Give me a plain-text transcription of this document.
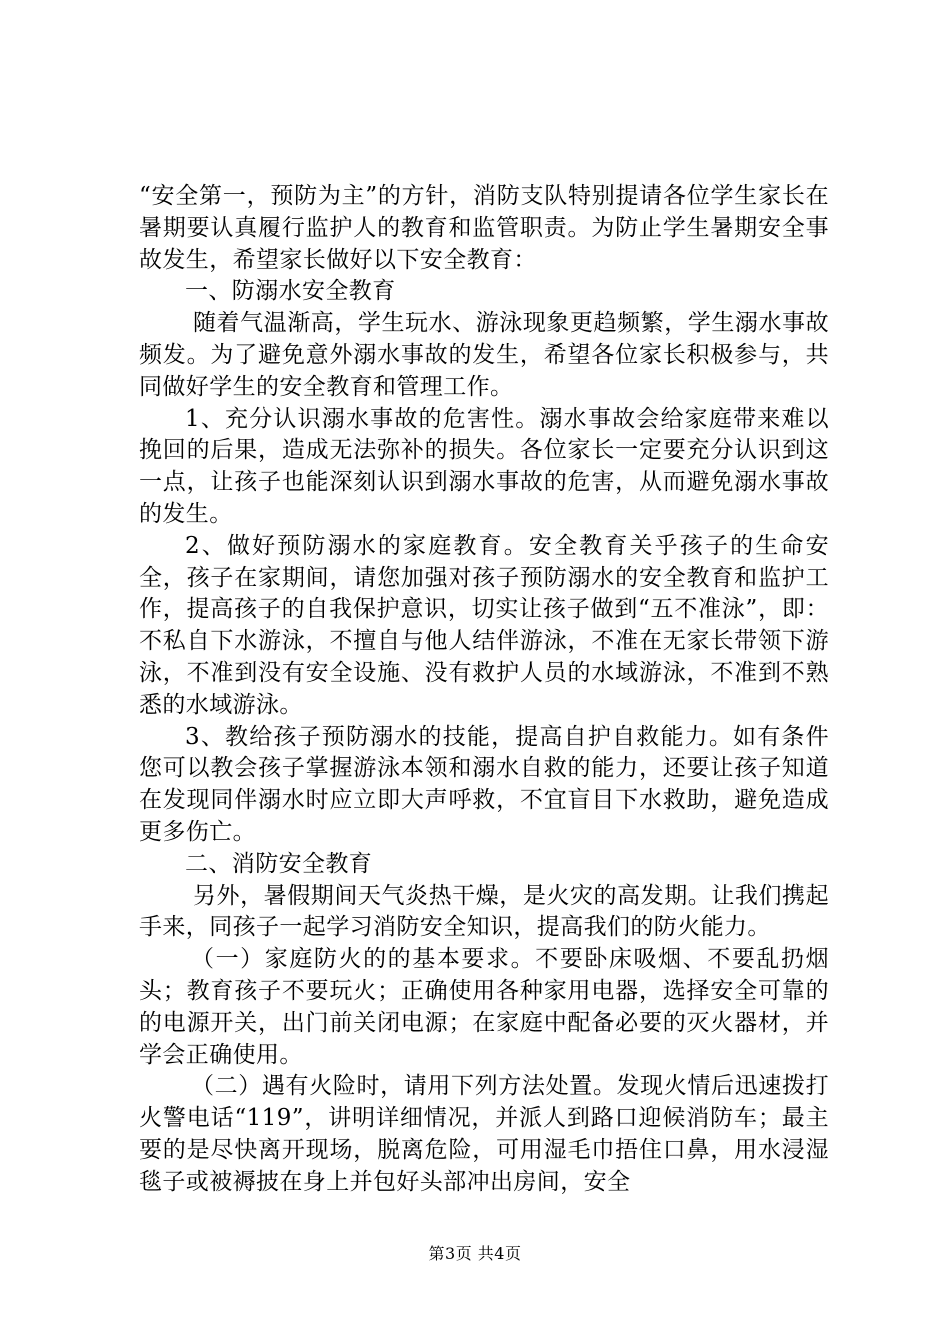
“安全第一，预防为主”的方针，消防支队特别提请各位学生家长在暑期要认真履行监护人的教育和监管职责。为防止学生暑期安全事故发生，希望家长做好以下安全教育：

一、防溺水安全教育

随着气温渐高，学生玩水、游泳现象更趋频繁，学生溺水事故频发。为了避免意外溺水事故的发生，希望各位家长积极参与，共同做好学生的安全教育和管理工作。

1、充分认识溺水事故的危害性。溺水事故会给家庭带来难以挽回的后果，造成无法弥补的损失。各位家长一定要充分认识到这一点，让孩子也能深刻认识到溺水事故的危害，从而避免溺水事故的发生。

2、做好预防溺水的家庭教育。安全教育关乎孩子的生命安全，孩子在家期间，请您加强对孩子预防溺水的安全教育和监护工作，提高孩子的自我保护意识，切实让孩子做到“五不准泳”，即：不私自下水游泳，不擅自与他人结伴游泳，不准在无家长带领下游泳，不准到没有安全设施、没有救护人员的水域游泳，不准到不熟悉的水域游泳。

3、教给孩子预防溺水的技能，提高自护自救能力。如有条件您可以教会孩子掌握游泳本领和溺水自救的能力，还要让孩子知道在发现同伴溺水时应立即大声呼救，不宜盲目下水救助，避免造成更多伤亡。

二、消防安全教育

另外，暑假期间天气炎热干燥，是火灾的高发期。让我们携起手来，同孩子一起学习消防安全知识，提高我们的防火能力。

（一）家庭防火的的基本要求。不要卧床吸烟、不要乱扔烟头；教育孩子不要玩火；正确使用各种家用电器，选择安全可靠的的电源开关，出门前关闭电源；在家庭中配备必要的灭火器材，并学会正确使用。

（二）遇有火险时，请用下列方法处置。发现火情后迅速拨打火警电话“119”，讲明详细情况，并派人到路口迎候消防车；最主要的是尽快离开现场，脱离危险，可用湿毛巾捂住口鼻，用水浸湿毯子或被褥披在身上并包好头部冲出房间，安全

第3页 共4页
